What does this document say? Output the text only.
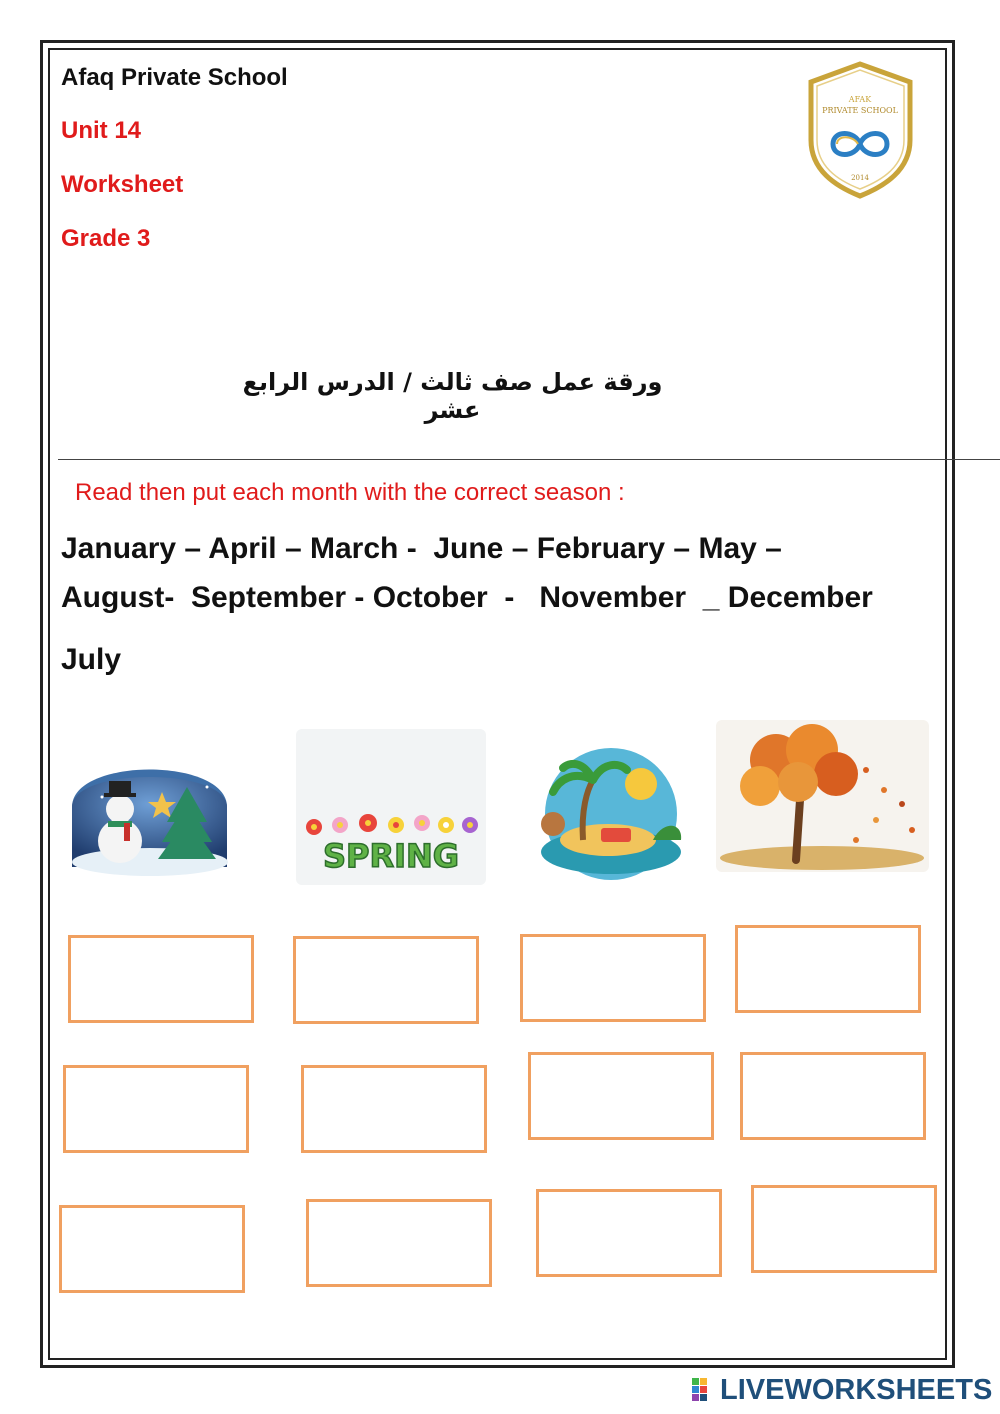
Afaq Private School
Unit 14
Worksheet
Grade 3
AFAK
PRIVATE SCHOOL
2014
ورقة عمل صف ثالث / الدرس الرابع عشر
Read then put each month with the correct season :
January – April – March -  June – February – May –
August-  September - October  -   November  _ December
July
SPRING
LIVEWORKSHEETS
